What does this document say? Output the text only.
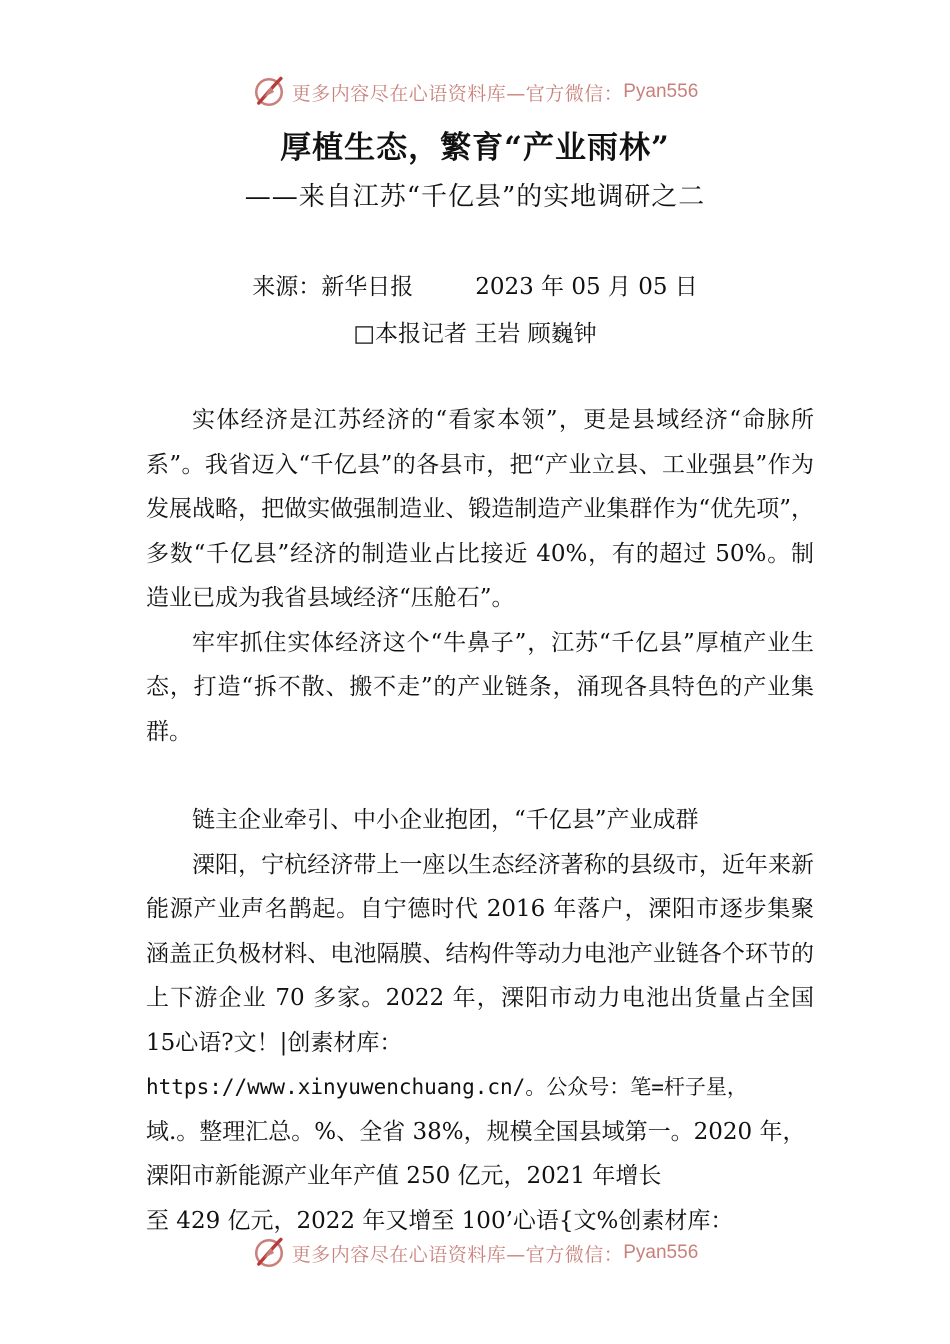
更多内容尽在心语资料库—官方微信： Pyan556
厚植生态，繁育“产业雨林”
——来自江苏“千亿县”的实地调研之二
来源：新华日报	2023 年 05 月 05 日
□本报记者 王岩 顾巍钟

实体经济是江苏经济的“看家本领”，更是县域经济“命脉所系”。我省迈入“千亿县”的各县市，把“产业立县、工业强县”作为发展战略，把做实做强制造业、锻造制造产业集群作为“优先项”，多数“千亿县”经济的制造业占比接近 40%，有的超过 50%。制造业已成为我省县域经济“压舱石”。

牢牢抓住实体经济这个“牛鼻子”，江苏“千亿县”厚植产业生态，打造“拆不散、搬不走”的产业链条，涌现各具特色的产业集群。

链主企业牵引、中小企业抱团，“千亿县”产业成群

溧阳，宁杭经济带上一座以生态经济著称的县级市，近年来新能源产业声名鹊起。自宁德时代 2016 年落户，溧阳市逐步集聚涵盖正负极材料、电池隔膜、结构件等动力电池产业链各个环节的上下游企业 70 多家。2022 年，溧阳市动力电池出货量占全国 15心语?文！|创素材库：

https://www.xinyuwenchuang.cn/。公众号：笔=杆子星，
域.。整理汇总。%、全省 38%，规模全国县域第一。2020 年，溧阳市新能源产业年产值 250 亿元，2021 年增长
至 429 亿元，2022 年又增至 100’心语{文%创素材库：
更多内容尽在心语资料库—官方微信： Pyan556
